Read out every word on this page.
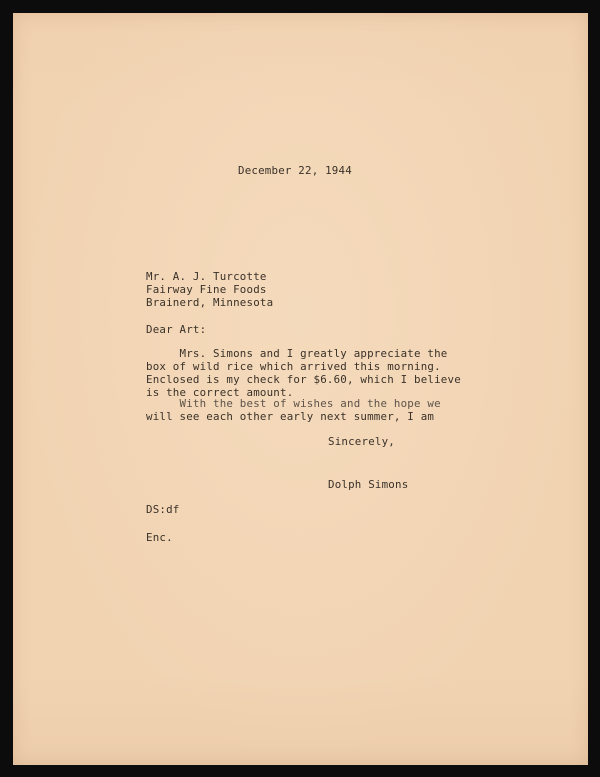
December 22, 1944

Mr. A. J. Turcotte

Fairway Fine Foods

Brainerd, Minnesota

Dear Art:

Mrs. Simons and I greatly appreciate the

box of wild rice which arrived this morning.

Enclosed is my check for $6.60, which I believe

is the correct amount.

With the best of wishes and the hope we

will see each other early next summer, I am

Sincerely,

Dolph Simons

DS:df

Enc.
